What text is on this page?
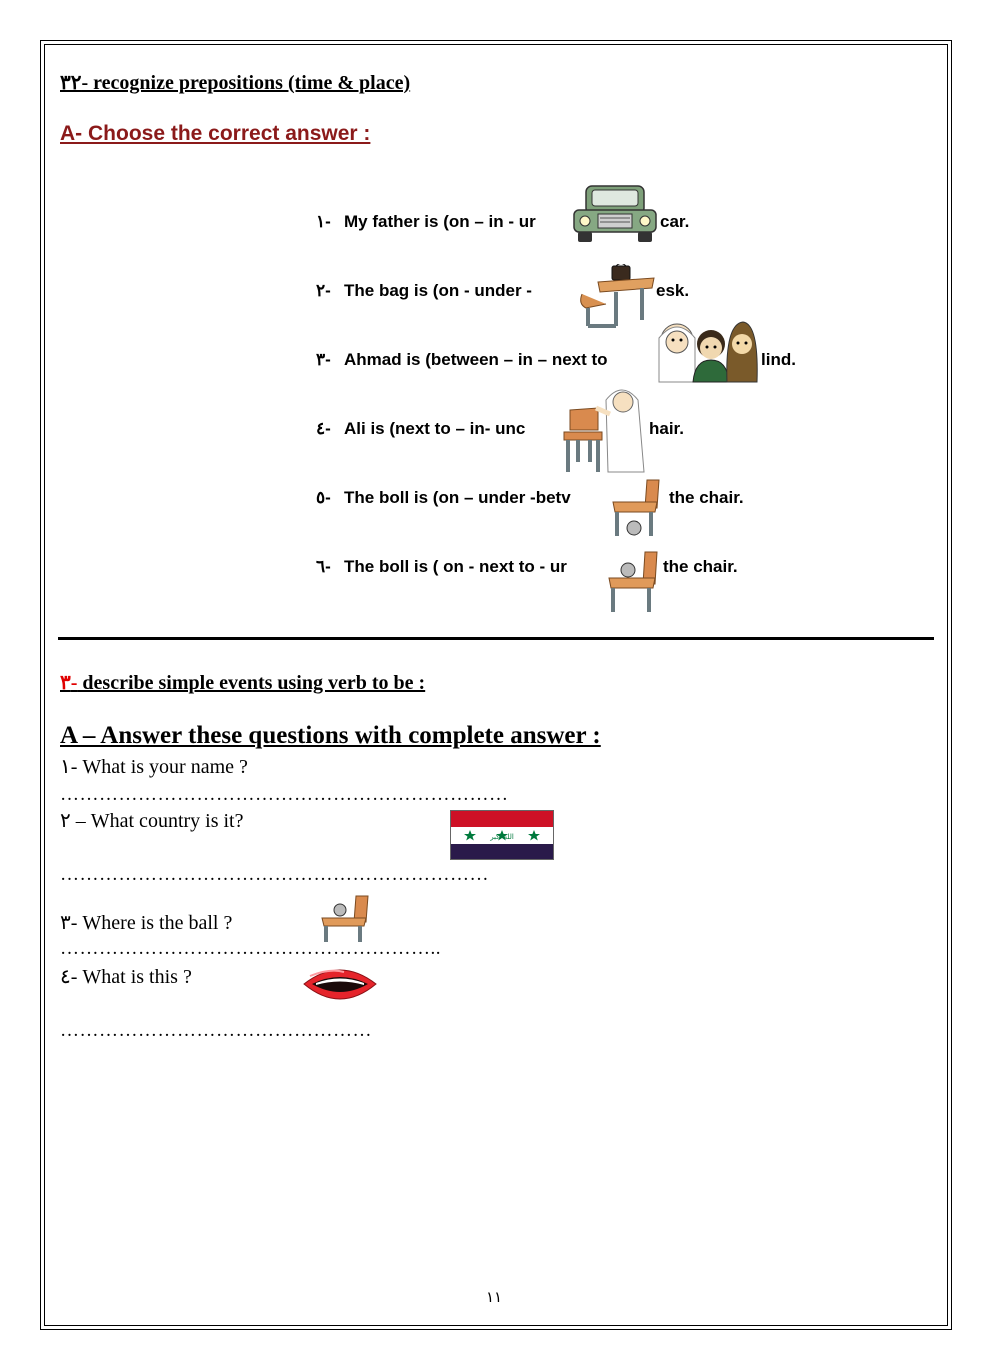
٣٢- recognize prepositions (time & place)
A- Choose the correct answer :
١- My father is (on – in - ur	car.
٢- The bag is (on - under -	esk.
٣- Ahmad is (between – in – next to	lind.
٤- Ali is (next to – in- unc	hair.
٥- The boll is (on – under -betv	the chair.
٦- The boll is ( on - next to - ur	the chair.
٣- describe simple events using verb to be :
A – Answer these questions with complete answer :
١- What is your name ?
……………………………………………………………
٢ – What country is it?
الله اكبر
…………………………………………………………
٣- Where is the ball ?
…………………………………………………..
٤- What is this ?
…………………………………………
١١
